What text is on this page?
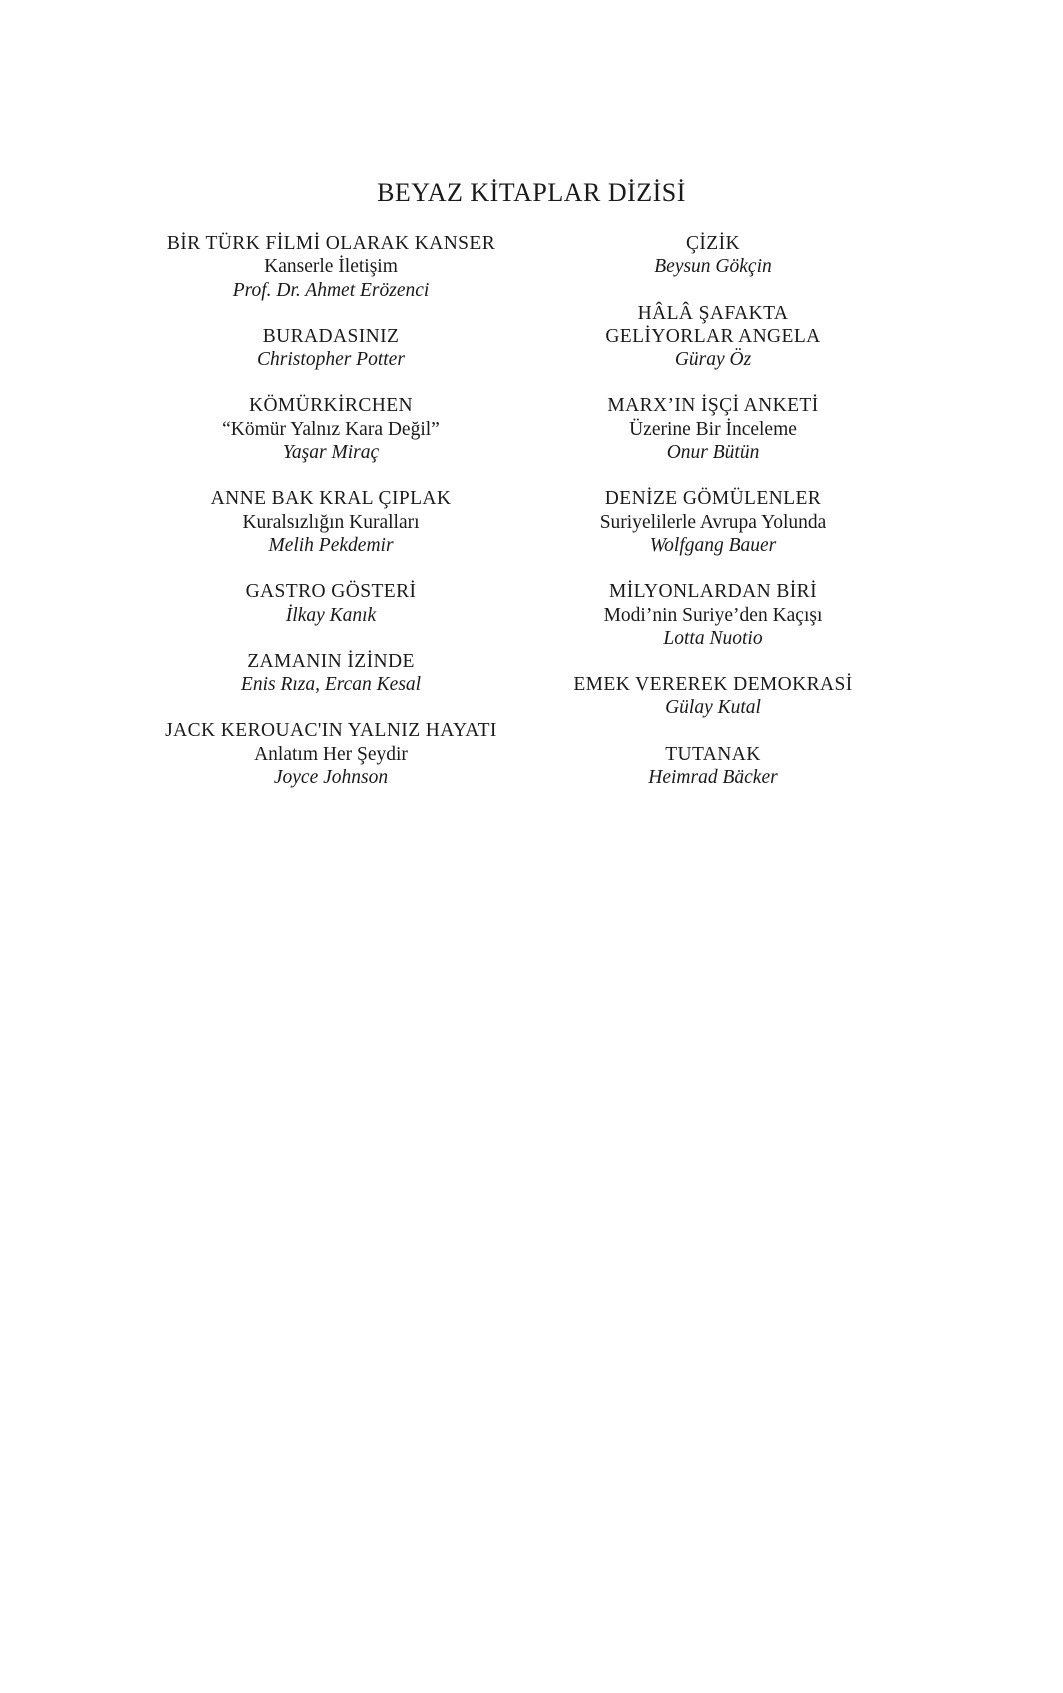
BEYAZ KİTAPLAR DİZİSİ
BİR TÜRK FİLMİ OLARAK KANSER
Kanserle İletişim
Prof. Dr. Ahmet Erözenci
BURADASINIZ
Christopher Potter
KÖMÜRKİRCHEN
“Kömür Yalnız Kara Değil”
Yaşar Miraç
ANNE BAK KRAL ÇIPLAK
Kuralsızlığın Kuralları
Melih Pekdemir
GASTRO GÖSTERİ
İlkay Kanık
ZAMANIN İZİNDE
Enis Rıza, Ercan Kesal
JACK KEROUAC'IN YALNIZ HAYATI
Anlatım Her Şeydir
Joyce Johnson
ÇİZİK
Beysun Gökçin
HÂLÂ ŞAFAKTA
GELİYORLAR ANGELA
Güray Öz
MARX’IN İŞÇİ ANKETİ
Üzerine Bir İnceleme
Onur Bütün
DENİZE GÖMÜLENLER
Suriyelilerle Avrupa Yolunda
Wolfgang Bauer
MİLYONLARDAN BİRİ
Modi’nin Suriye’den Kaçışı
Lotta Nuotio
EMEK VEREREK DEMOKRASİ
Gülay Kutal
TUTANAK
Heimrad Bäcker
